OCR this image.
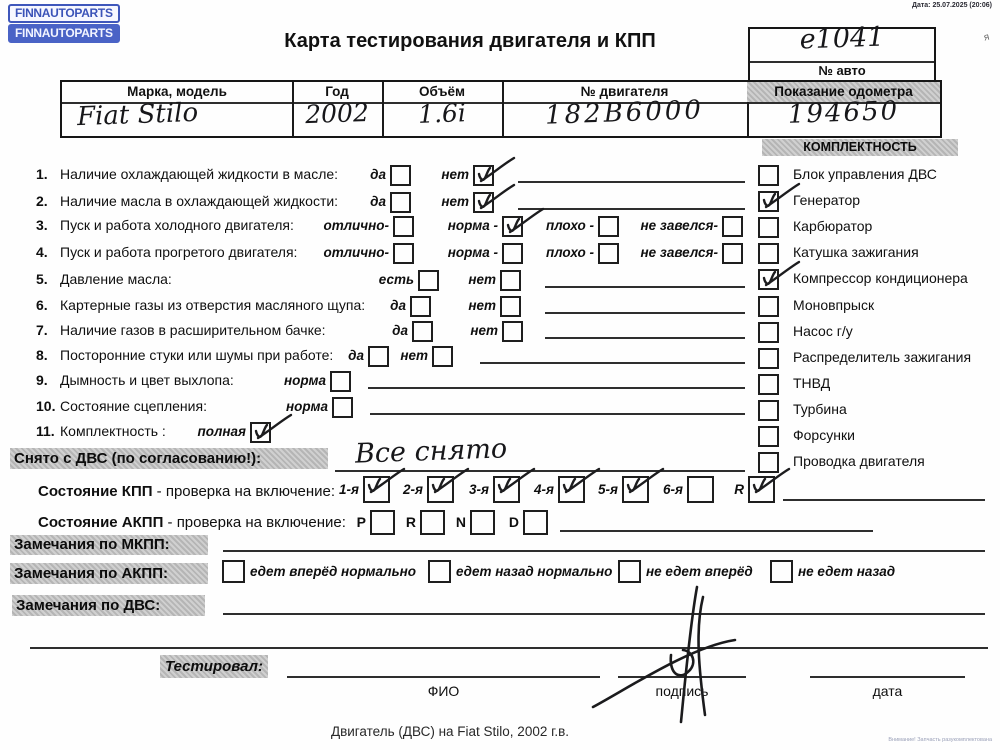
FINNAUTOPARTS
FINNAUTOPARTS
Дата: 25.07.2025 (20:06)
я
Карта тестирования двигателя и КПП	е1041
№ авто
Марка, модель	Год	Объём	№ двигателя	Показание одометра
Fiat Stilo	2002	1.6i	182B6000	194650
КОМПЛЕКТНОСТЬ
Снято с ДВС (по согласованию!):	Все снято
Состояние КПП - проверка на включение:
Состояние АКПП - проверка на включение:
Замечания по МКПП:
Замечания по АКПП:
Замечания по ДВС:
Тестировал:
ФИО	подпись	дата
Двигатель (ДВС) на Fiat Stilo, 2002 г.в.
Внимание! Запчасть разукомплектована
1. Наличие охлаждающей жидкости в масле: да	нет
2. Наличие масла в охлаждающей жидкости: да	нет
3. Пуск и работа холодного двигателя: отлично-	норма -	плохо -	не завелся-
4. Пуск и работа прогретого двигателя: отлично-	норма -	плохо -	не завелся-
5. Давление масла:	есть	нет
6. Картерные газы из отверстия масляного щупа: да	нет
7. Наличие газов в расширительном бачке:	да	нет
8. Посторонние стуки или шумы при работе: да	нет
9. Дымность и цвет выхлопа:	норма
10. Состояние сцепления:	норма
11. Комплектность : полная
Блок управления ДВС
Генератор
Карбюратор
Катушка зажигания
Компрессор кондиционера
Моновпрыск
Насос г/у
Распределитель зажигания
ТНВД
Турбина
Форсунки
Проводка двигателя
1-я	2-я	3-я	4-я	5-я	6-я	R
P	R	N	D
едет вперёд нормально	едет назад нормально не едет вперёд	не едет назад
